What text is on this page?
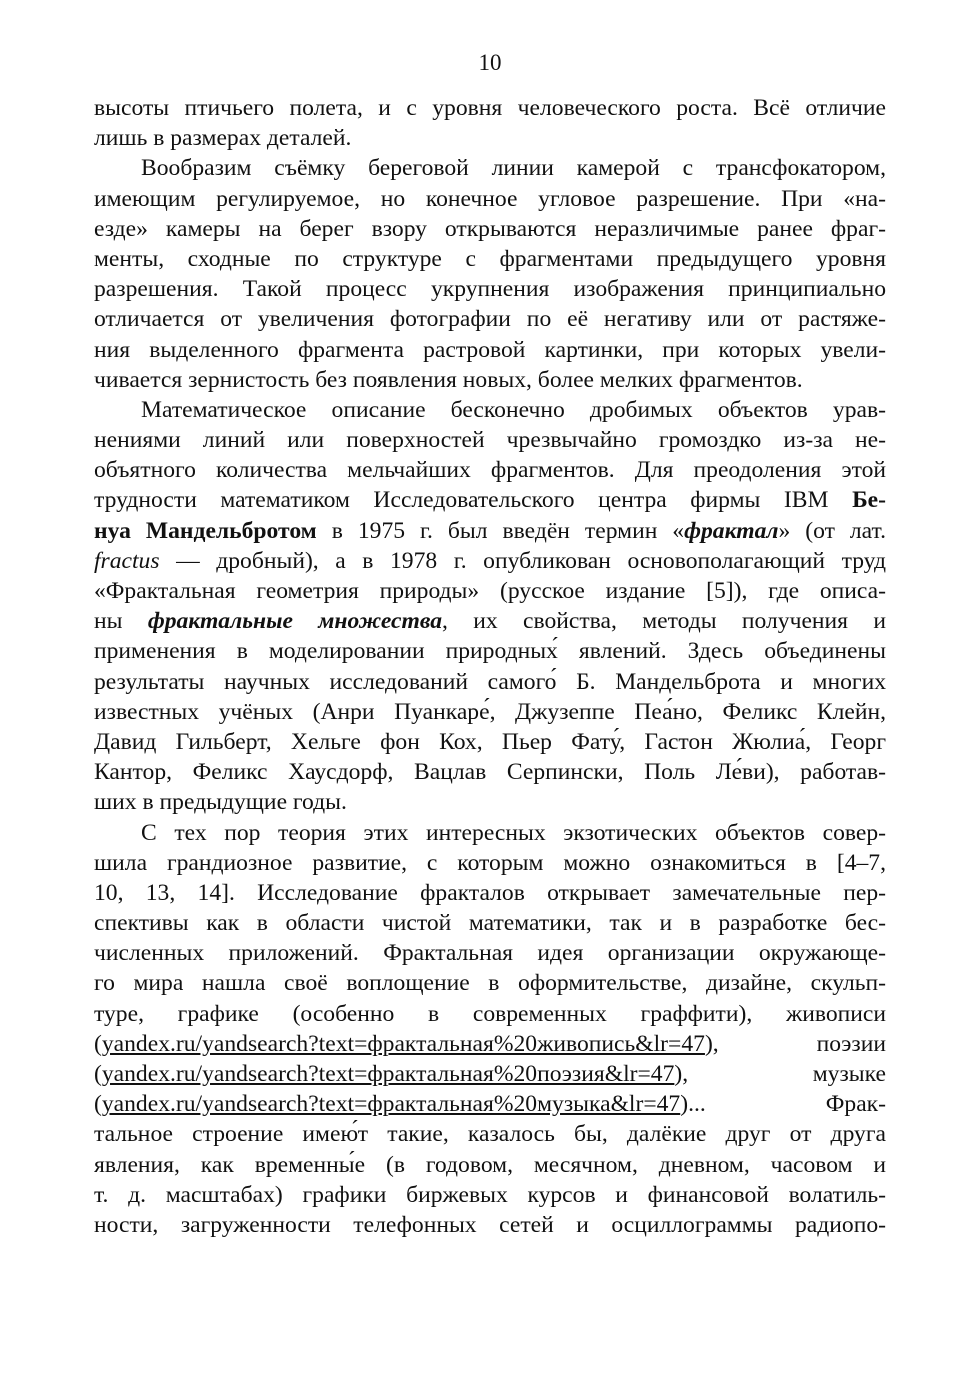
10
высоты птичьего полета, и с уровня человеческого роста. Всё отличие
лишь в размерах деталей.
Вообразим съёмку береговой линии камерой с трансфокатором,
имеющим регулируемое, но конечное угловое разрешение. При «на-
езде» камеры на берег взору открываются неразличимые ранее фраг-
менты, сходные по структуре с фрагментами предыдущего уровня
разрешения. Такой процесс укрупнения изображения принципиально
отличается от увеличения фотографии по её негативу или от растяже-
ния выделенного фрагмента растровой картинки, при которых увели-
чивается зернистость без появления новых, более мелких фрагментов.
Математическое описание бесконечно дробимых объектов урав-
нениями линий или поверхностей чрезвычайно громоздко из-за не-
объятного количества мельчайших фрагментов. Для преодоления этой
трудности математиком Исследовательского центра фирмы IBM Бе-
нуа Мандельбротом в 1975 г. был введён термин «фрактал» (от лат.
fractus — дробный), а в 1978 г. опубликован основополагающий труд
«Фрактальная геометрия природы» (русское издание [5]), где описа-
ны фрактальные множества, их свойства, методы получения и
применения в моделировании природных́ явлений. Здесь объединены
результаты научных исследований самого́ Б. Мандельброта и многих
известных учёных (Анри Пуанкаре́, Джузеппе Пеа́но, Феликс Клейн,
Давид Гильберт, Хельге фон Кох, Пьер Фату́, Гастон Жюлиа́, Георг
Кантор, Феликс Хаусдорф, Вацлав Серпински, Поль Ле́ви), работав-
ших в предыдущие годы.
С тех пор теория этих интересных экзотических объектов совер-
шила грандиозное развитие, с которым можно ознакомиться в [4–7,
10, 13, 14]. Исследование фракталов открывает замечательные пер-
спективы как в области чистой математики, так и в разработке бес-
численных приложений. Фрактальная идея организации окружающе-
го мира нашла своё воплощение в оформительстве, дизайне, скульп-
туре, графике (особенно в современных граффити), живописи
(yandex.ru/yandsearch?text=фрактальная%20живопись&lr=47), поэзии
(yandex.ru/yandsearch?text=фрактальная%20поэзия&lr=47), музыке
(yandex.ru/yandsearch?text=фрактальная%20музыка&lr=47)... Фрак-
тальное строение имею́т такие, казалось бы, далёкие друг от друга
явления, как временны́е (в годовом, месячном, дневном, часовом и
т. д. масштабах) графики биржевых курсов и финансовой волатиль-
ности, загруженности телефонных сетей и осциллограммы радиопо-
